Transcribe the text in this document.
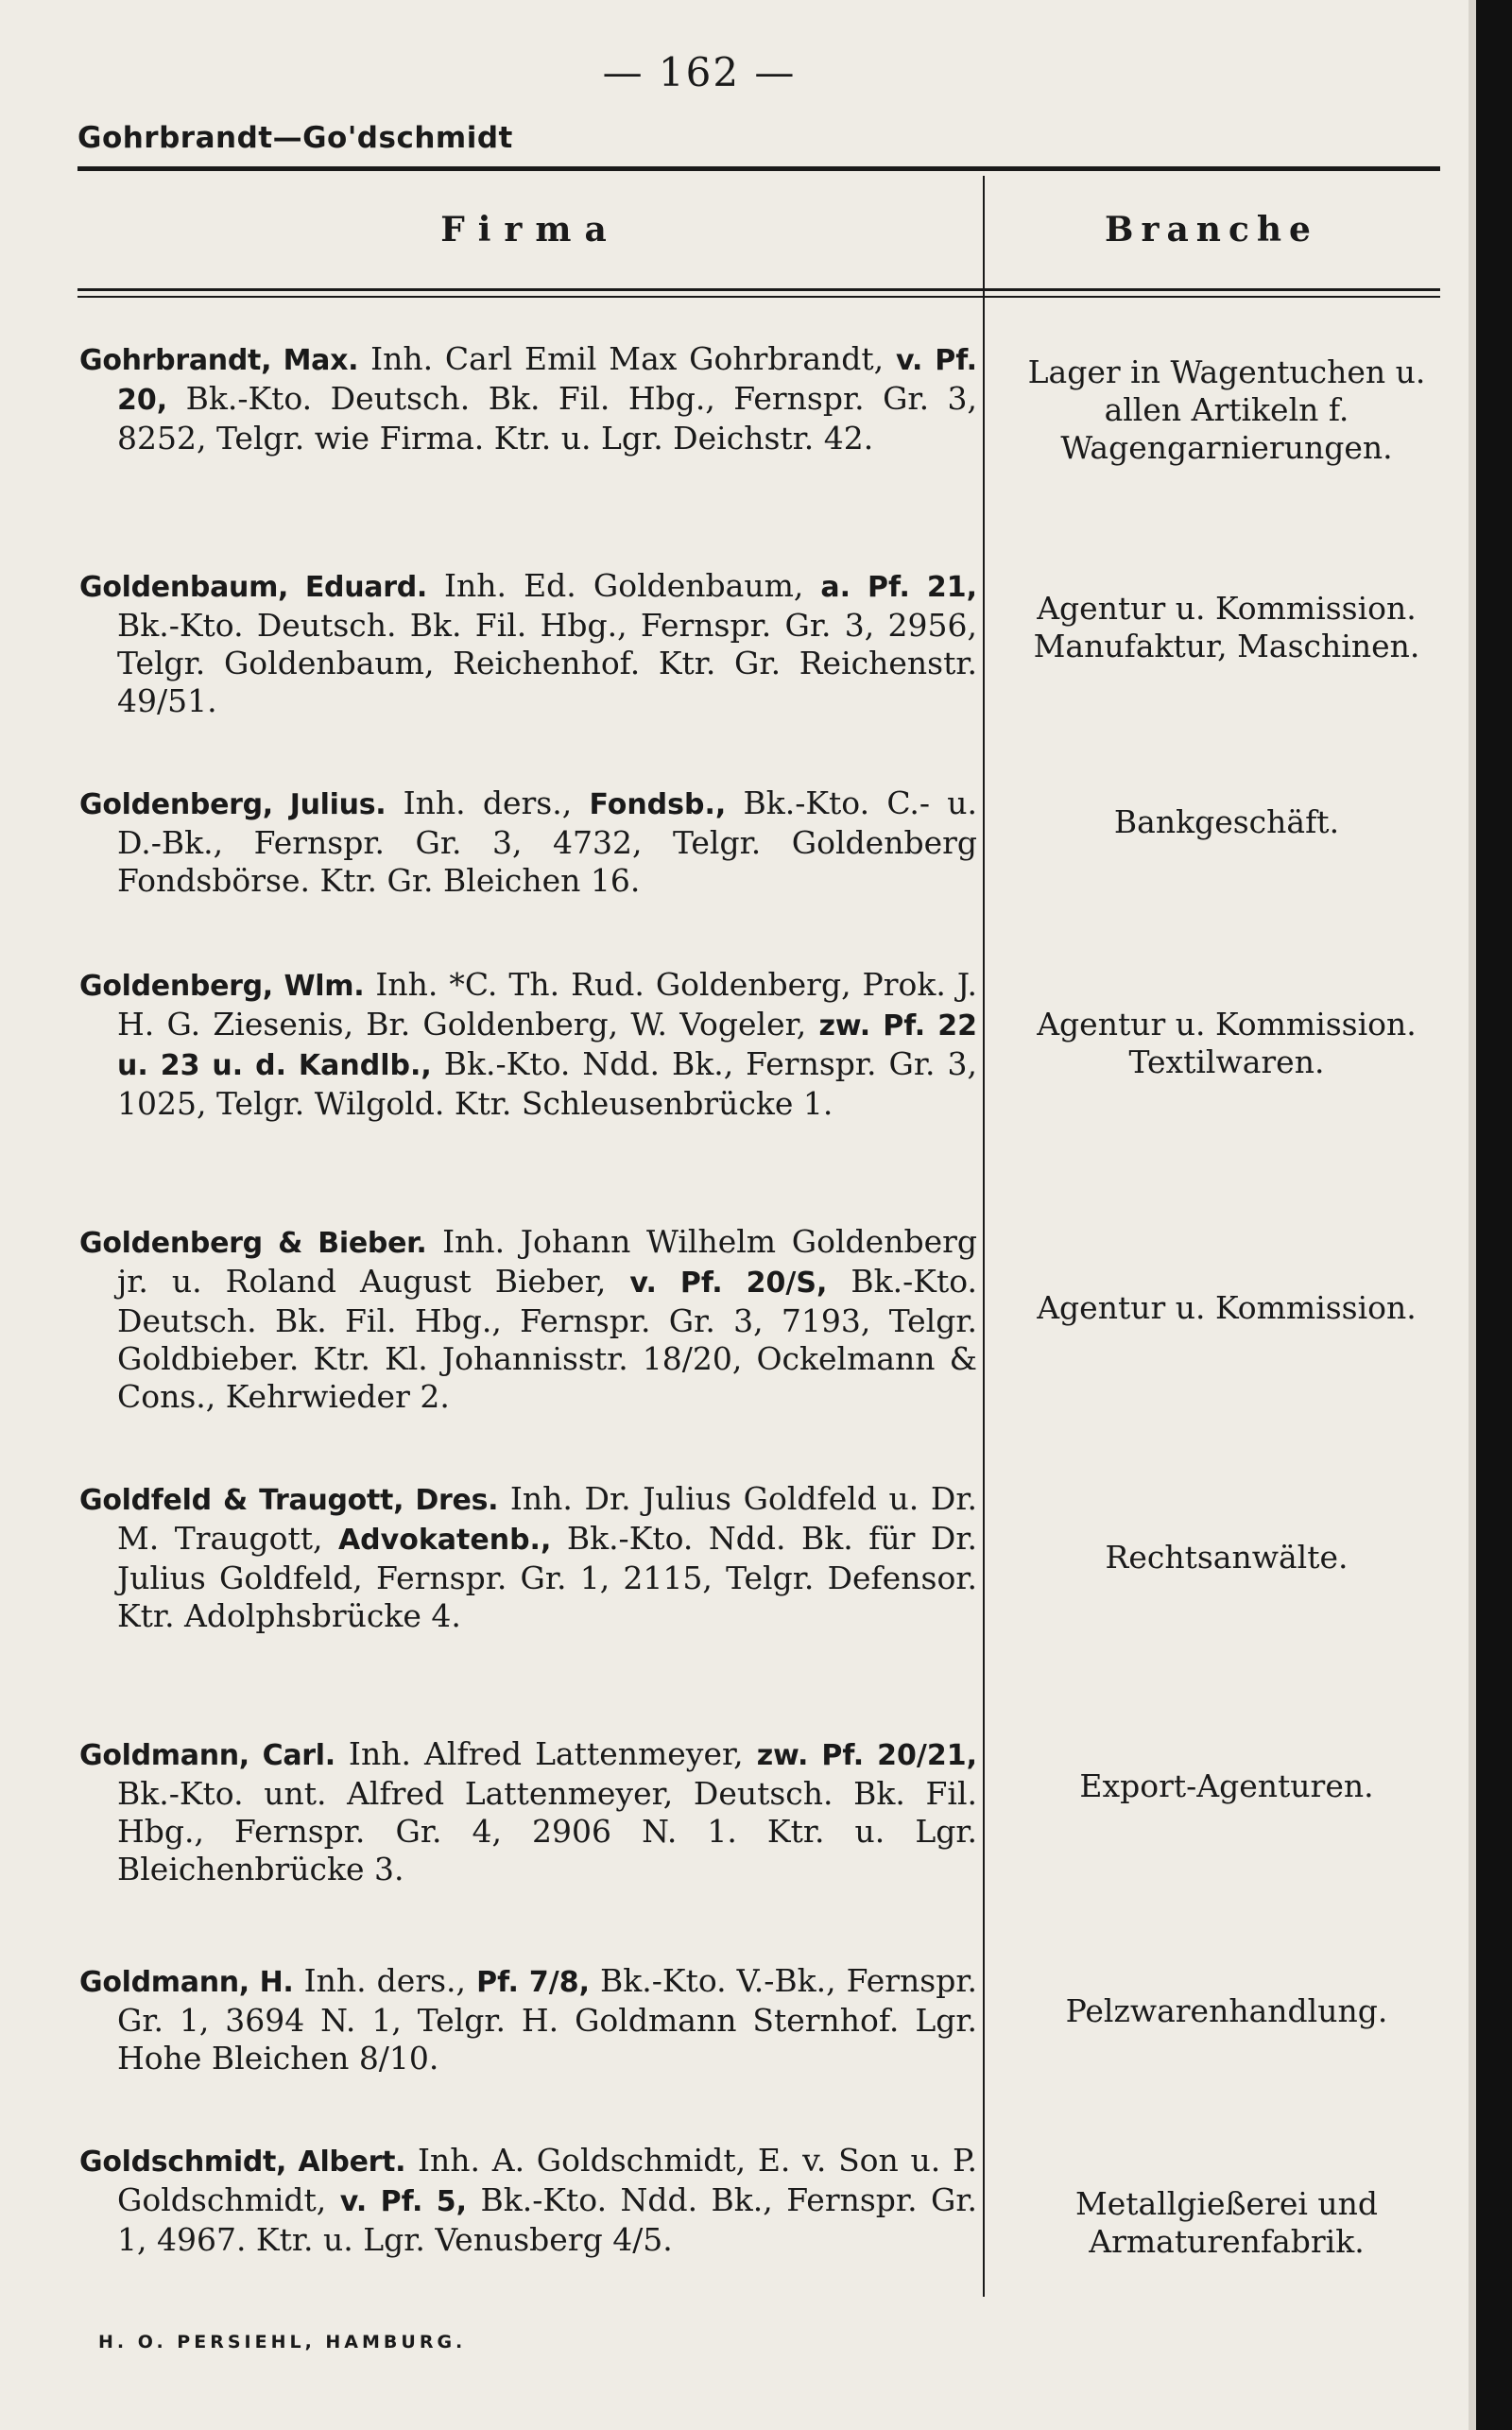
— 162 —
Gohrbrandt—Go'dschmidt
Firma	Branche
Gohrbrandt, Max. Inh. Carl Emil Max Gohrbrandt, v. Pf. 20, Bk.-Kto. Deutsch. Bk. Fil. Hbg., Fernspr. Gr. 3, 8252, Telgr. wie Firma. Ktr. u. Lgr. Deichstr. 42.
Lager in Wagentuchen u. allen Artikeln f. Wagengarnierungen.
Goldenbaum, Eduard. Inh. Ed. Goldenbaum, a. Pf. 21, Bk.-Kto. Deutsch. Bk. Fil. Hbg., Fernspr. Gr. 3, 2956, Telgr. Goldenbaum, Reichenhof. Ktr. Gr. Reichenstr. 49/51.
Agentur u. Kommission. Manufaktur, Maschinen.
Goldenberg, Julius. Inh. ders., Fondsb., Bk.-Kto. C.- u. D.-Bk., Fernspr. Gr. 3, 4732, Telgr. Goldenberg Fondsbörse. Ktr. Gr. Bleichen 16.
Bankgeschäft.
Goldenberg, Wlm. Inh. *C. Th. Rud. Goldenberg, Prok. J. H. G. Ziesenis, Br. Goldenberg, W. Vogeler, zw. Pf. 22 u. 23 u. d. Kandlb., Bk.-Kto. Ndd. Bk., Fernspr. Gr. 3, 1025, Telgr. Wilgold. Ktr. Schleusenbrücke 1.
Agentur u. Kommission. Textilwaren.
Goldenberg & Bieber. Inh. Johann Wilhelm Goldenberg jr. u. Roland August Bieber, v. Pf. 20/S, Bk.-Kto. Deutsch. Bk. Fil. Hbg., Fernspr. Gr. 3, 7193, Telgr. Goldbieber. Ktr. Kl. Johannisstr. 18/20, Ockelmann & Cons., Kehrwieder 2.
Agentur u. Kommission.
Goldfeld & Traugott, Dres. Inh. Dr. Julius Goldfeld u. Dr. M. Traugott, Advokatenb., Bk.-Kto. Ndd. Bk. für Dr. Julius Goldfeld, Fernspr. Gr. 1, 2115, Telgr. Defensor. Ktr. Adolphsbrücke 4.
Rechtsanwälte.
Goldmann, Carl. Inh. Alfred Lattenmeyer, zw. Pf. 20/21, Bk.-Kto. unt. Alfred Lattenmeyer, Deutsch. Bk. Fil. Hbg., Fernspr. Gr. 4, 2906 N. 1. Ktr. u. Lgr. Bleichenbrücke 3.
Export-Agenturen.
Goldmann, H. Inh. ders., Pf. 7/8, Bk.-Kto. V.-Bk., Fernspr. Gr. 1, 3694 N. 1, Telgr. H. Goldmann Sternhof. Lgr. Hohe Bleichen 8/10.
Pelzwarenhandlung.
Goldschmidt, Albert. Inh. A. Goldschmidt, E. v. Son u. P. Goldschmidt, v. Pf. 5, Bk.-Kto. Ndd. Bk., Fernspr. Gr. 1, 4967. Ktr. u. Lgr. Venusberg 4/5.
Metallgießerei und Armaturenfabrik.
H. O. PERSIEHL, HAMBURG.
